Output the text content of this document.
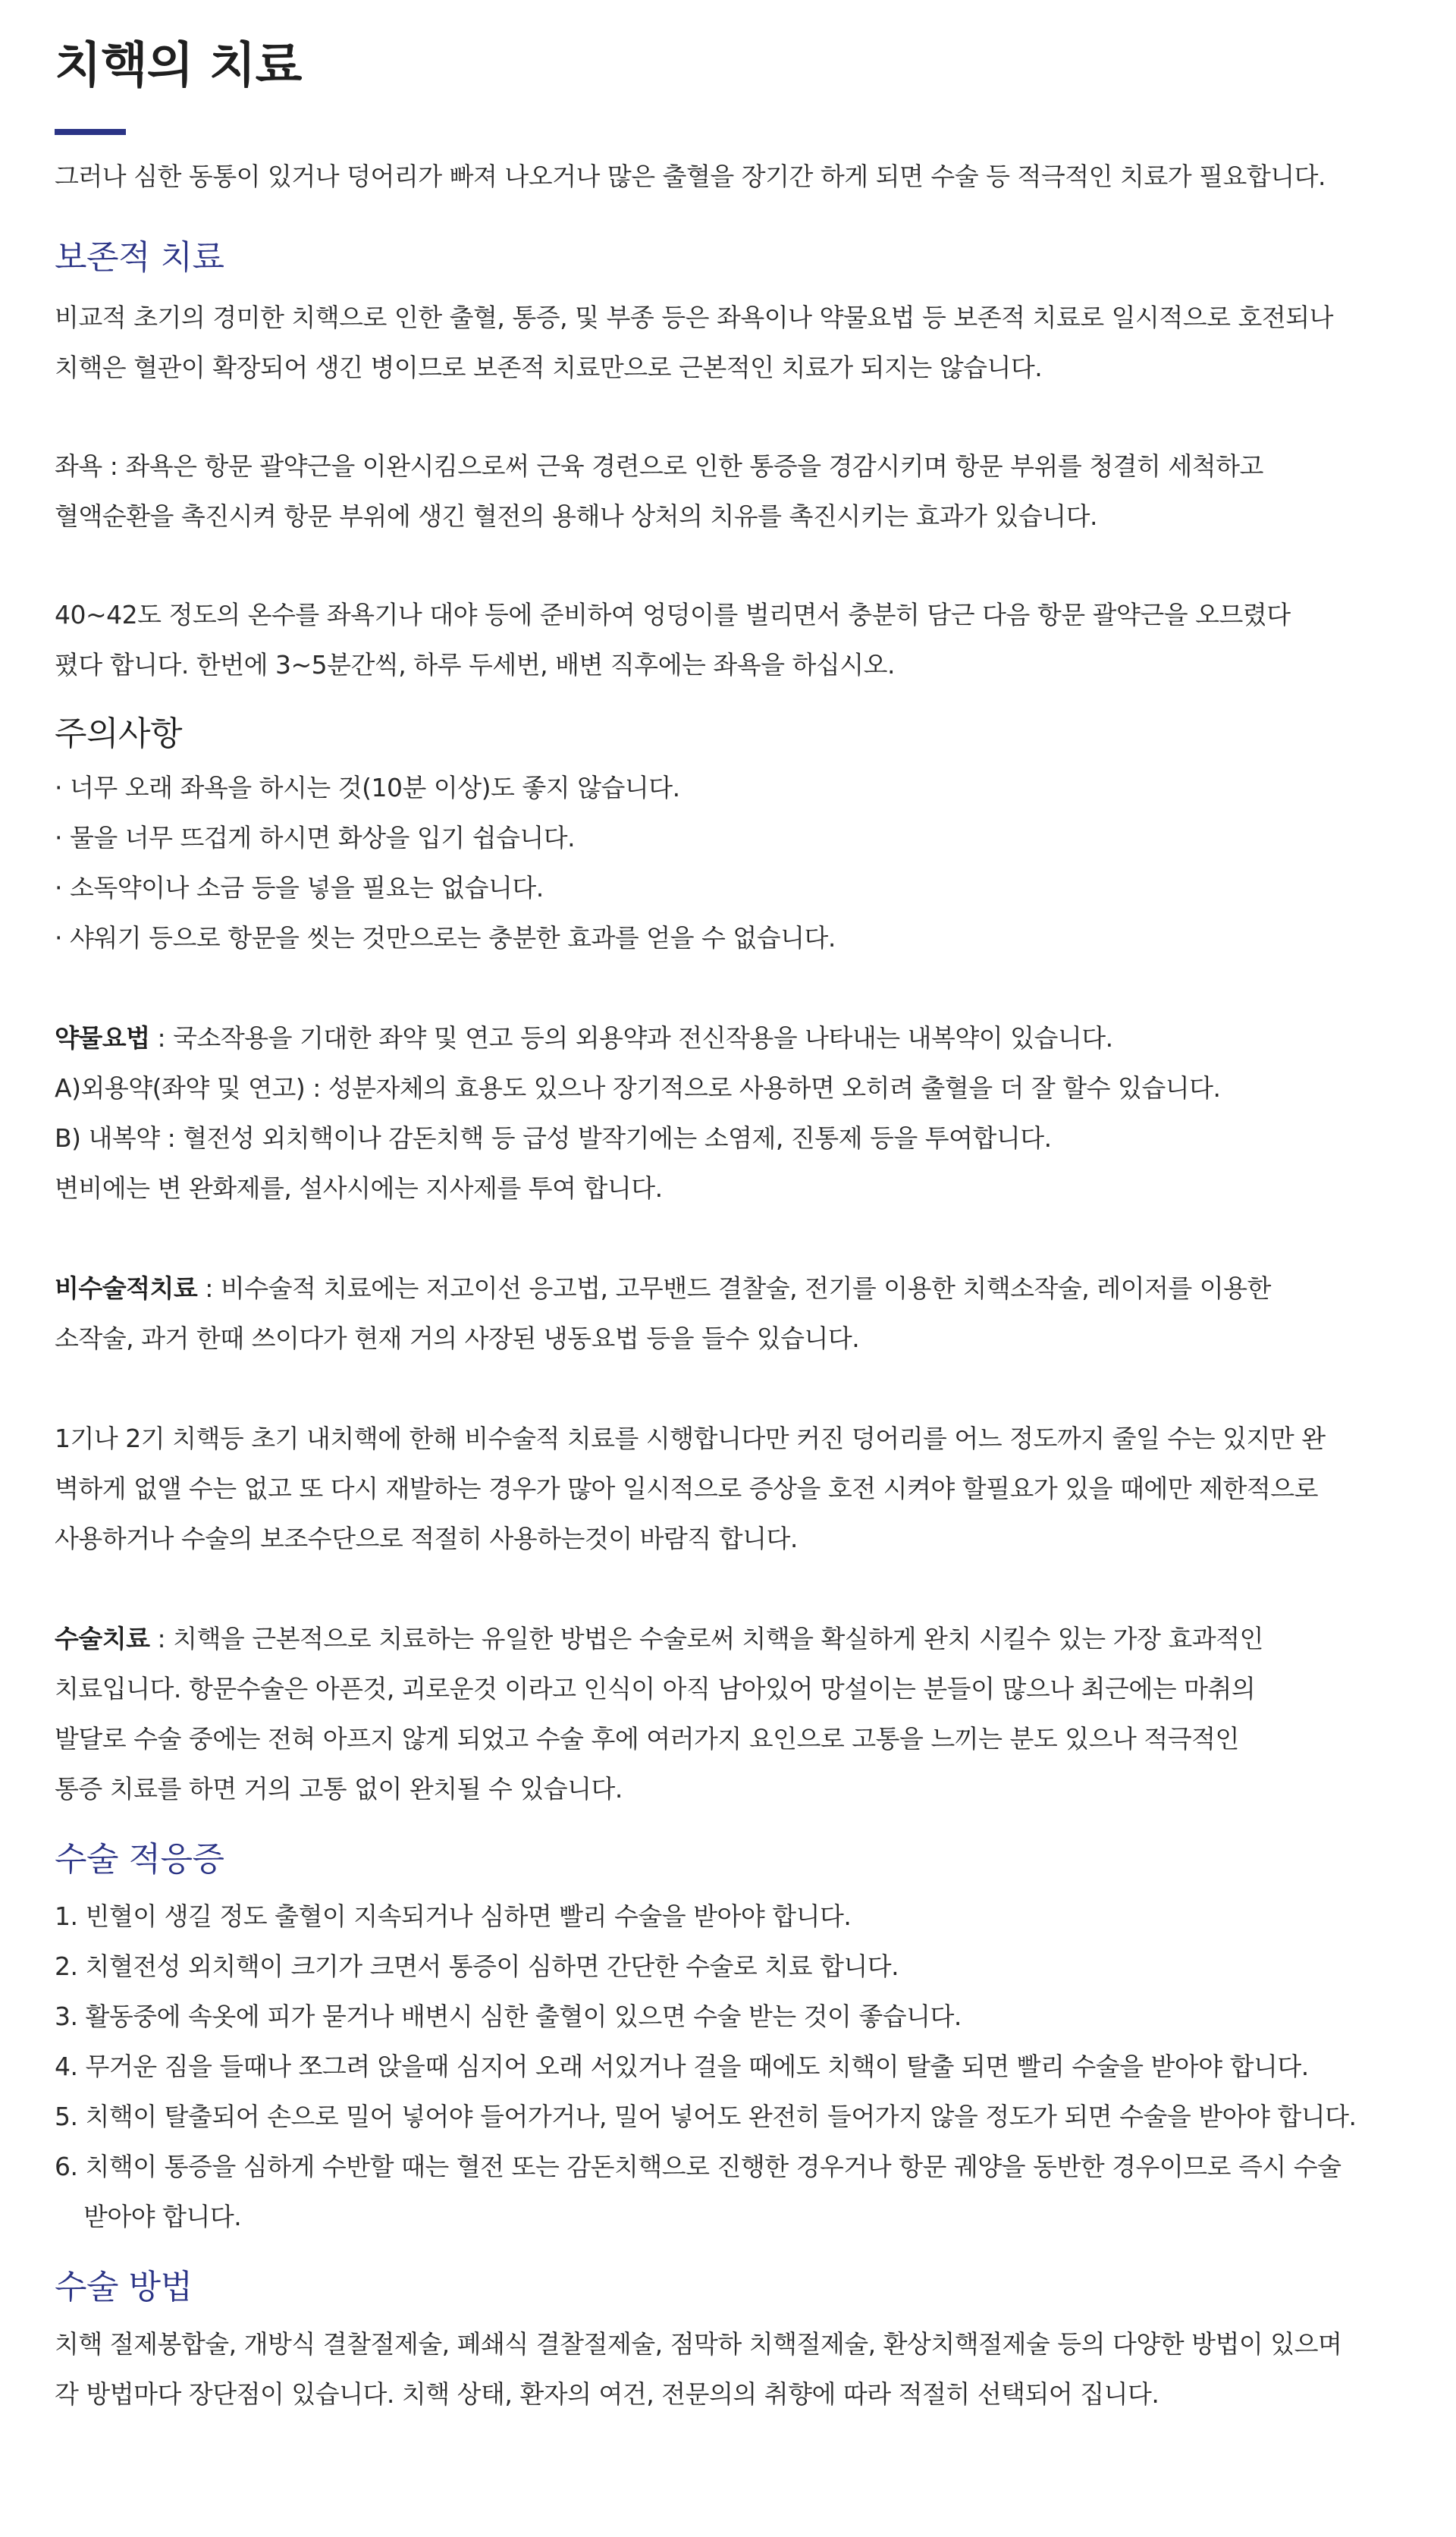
치핵의 치료

그러나 심한 동통이 있거나 덩어리가 빠져 나오거나 많은 출혈을 장기간 하게 되면 수술 등 적극적인 치료가 필요합니다.

보존적 치료
비교적 초기의 경미한 치핵으로 인한 출혈, 통증, 및 부종 등은 좌욕이나 약물요법 등 보존적 치료로 일시적으로 호전되나
치핵은 혈관이 확장되어 생긴 병이므로 보존적 치료만으로 근본적인 치료가 되지는 않습니다.
좌욕 : 좌욕은 항문 괄약근을 이완시킴으로써 근육 경련으로 인한 통증을 경감시키며 항문 부위를 청결히 세척하고
혈액순환을 촉진시켜 항문 부위에 생긴 혈전의 용해나 상처의 치유를 촉진시키는 효과가 있습니다.
40~42도 정도의 온수를 좌욕기나 대야 등에 준비하여 엉덩이를 벌리면서 충분히 담근 다음 항문 괄약근을 오므렸다
폈다 합니다. 한번에 3~5분간씩, 하루 두세번, 배변 직후에는 좌욕을 하십시오.
주의사항
· 너무 오래 좌욕을 하시는 것(10분 이상)도 좋지 않습니다.
· 물을 너무 뜨겁게 하시면 화상을 입기 쉽습니다.
· 소독약이나 소금 등을 넣을 필요는 없습니다.
· 샤워기 등으로 항문을 씻는 것만으로는 충분한 효과를 얻을 수 없습니다.
약물요법 : 국소작용을 기대한 좌약 및 연고 등의 외용약과 전신작용을 나타내는 내복약이 있습니다.
A)외용약(좌약 및 연고) : 성분자체의 효용도 있으나 장기적으로 사용하면 오히려 출혈을 더 잘 할수 있습니다.
B) 내복약 : 혈전성 외치핵이나 감돈치핵 등 급성 발작기에는 소염제, 진통제 등을 투여합니다.
변비에는 변 완화제를, 설사시에는 지사제를 투여 합니다.
비수술적치료 : 비수술적 치료에는 저고이선 응고법, 고무밴드 결찰술, 전기를 이용한 치핵소작술, 레이저를 이용한
소작술, 과거 한때 쓰이다가 현재 거의 사장된 냉동요법 등을 들수 있습니다.
1기나 2기 치핵등 초기 내치핵에 한해 비수술적 치료를 시행합니다만 커진 덩어리를 어느 정도까지 줄일 수는 있지만 완
벽하게 없앨 수는 없고 또 다시 재발하는 경우가 많아 일시적으로 증상을 호전 시켜야 할필요가 있을 때에만 제한적으로
사용하거나 수술의 보조수단으로 적절히 사용하는것이 바람직 합니다.
수술치료 : 치핵을 근본적으로 치료하는 유일한 방법은 수술로써 치핵을 확실하게 완치 시킬수 있는 가장 효과적인
치료입니다. 항문수술은 아픈것, 괴로운것 이라고 인식이 아직 남아있어 망설이는 분들이 많으나 최근에는 마취의
발달로 수술 중에는 전혀 아프지 않게 되었고 수술 후에 여러가지 요인으로 고통을 느끼는 분도 있으나 적극적인
통증 치료를 하면 거의 고통 없이 완치될 수 있습니다.
수술 적응증
1. 빈혈이 생길 정도 출혈이 지속되거나 심하면 빨리 수술을 받아야 합니다.
2. 치혈전성 외치핵이 크기가 크면서 통증이 심하면 간단한 수술로 치료 합니다.
3. 활동중에 속옷에 피가 묻거나 배변시 심한 출혈이 있으면 수술 받는 것이 좋습니다.
4. 무거운 짐을 들때나 쪼그려 앉을때 심지어 오래 서있거나 걸을 때에도 치핵이 탈출 되면 빨리 수술을 받아야 합니다.
5. 치핵이 탈출되어 손으로 밀어 넣어야 들어가거나, 밀어 넣어도 완전히 들어가지 않을 정도가 되면 수술을 받아야 합니다.
6. 치핵이 통증을 심하게 수반할 때는 혈전 또는 감돈치핵으로 진행한 경우거나 항문 궤양을 동반한 경우이므로 즉시 수술 받아야 합니다.
수술 방법
치핵 절제봉합술, 개방식 결찰절제술, 폐쇄식 결찰절제술, 점막하 치핵절제술, 환상치핵절제술 등의 다양한 방법이 있으며
각 방법마다 장단점이 있습니다. 치핵 상태, 환자의 여건, 전문의의 취향에 따라 적절히 선택되어 집니다.
